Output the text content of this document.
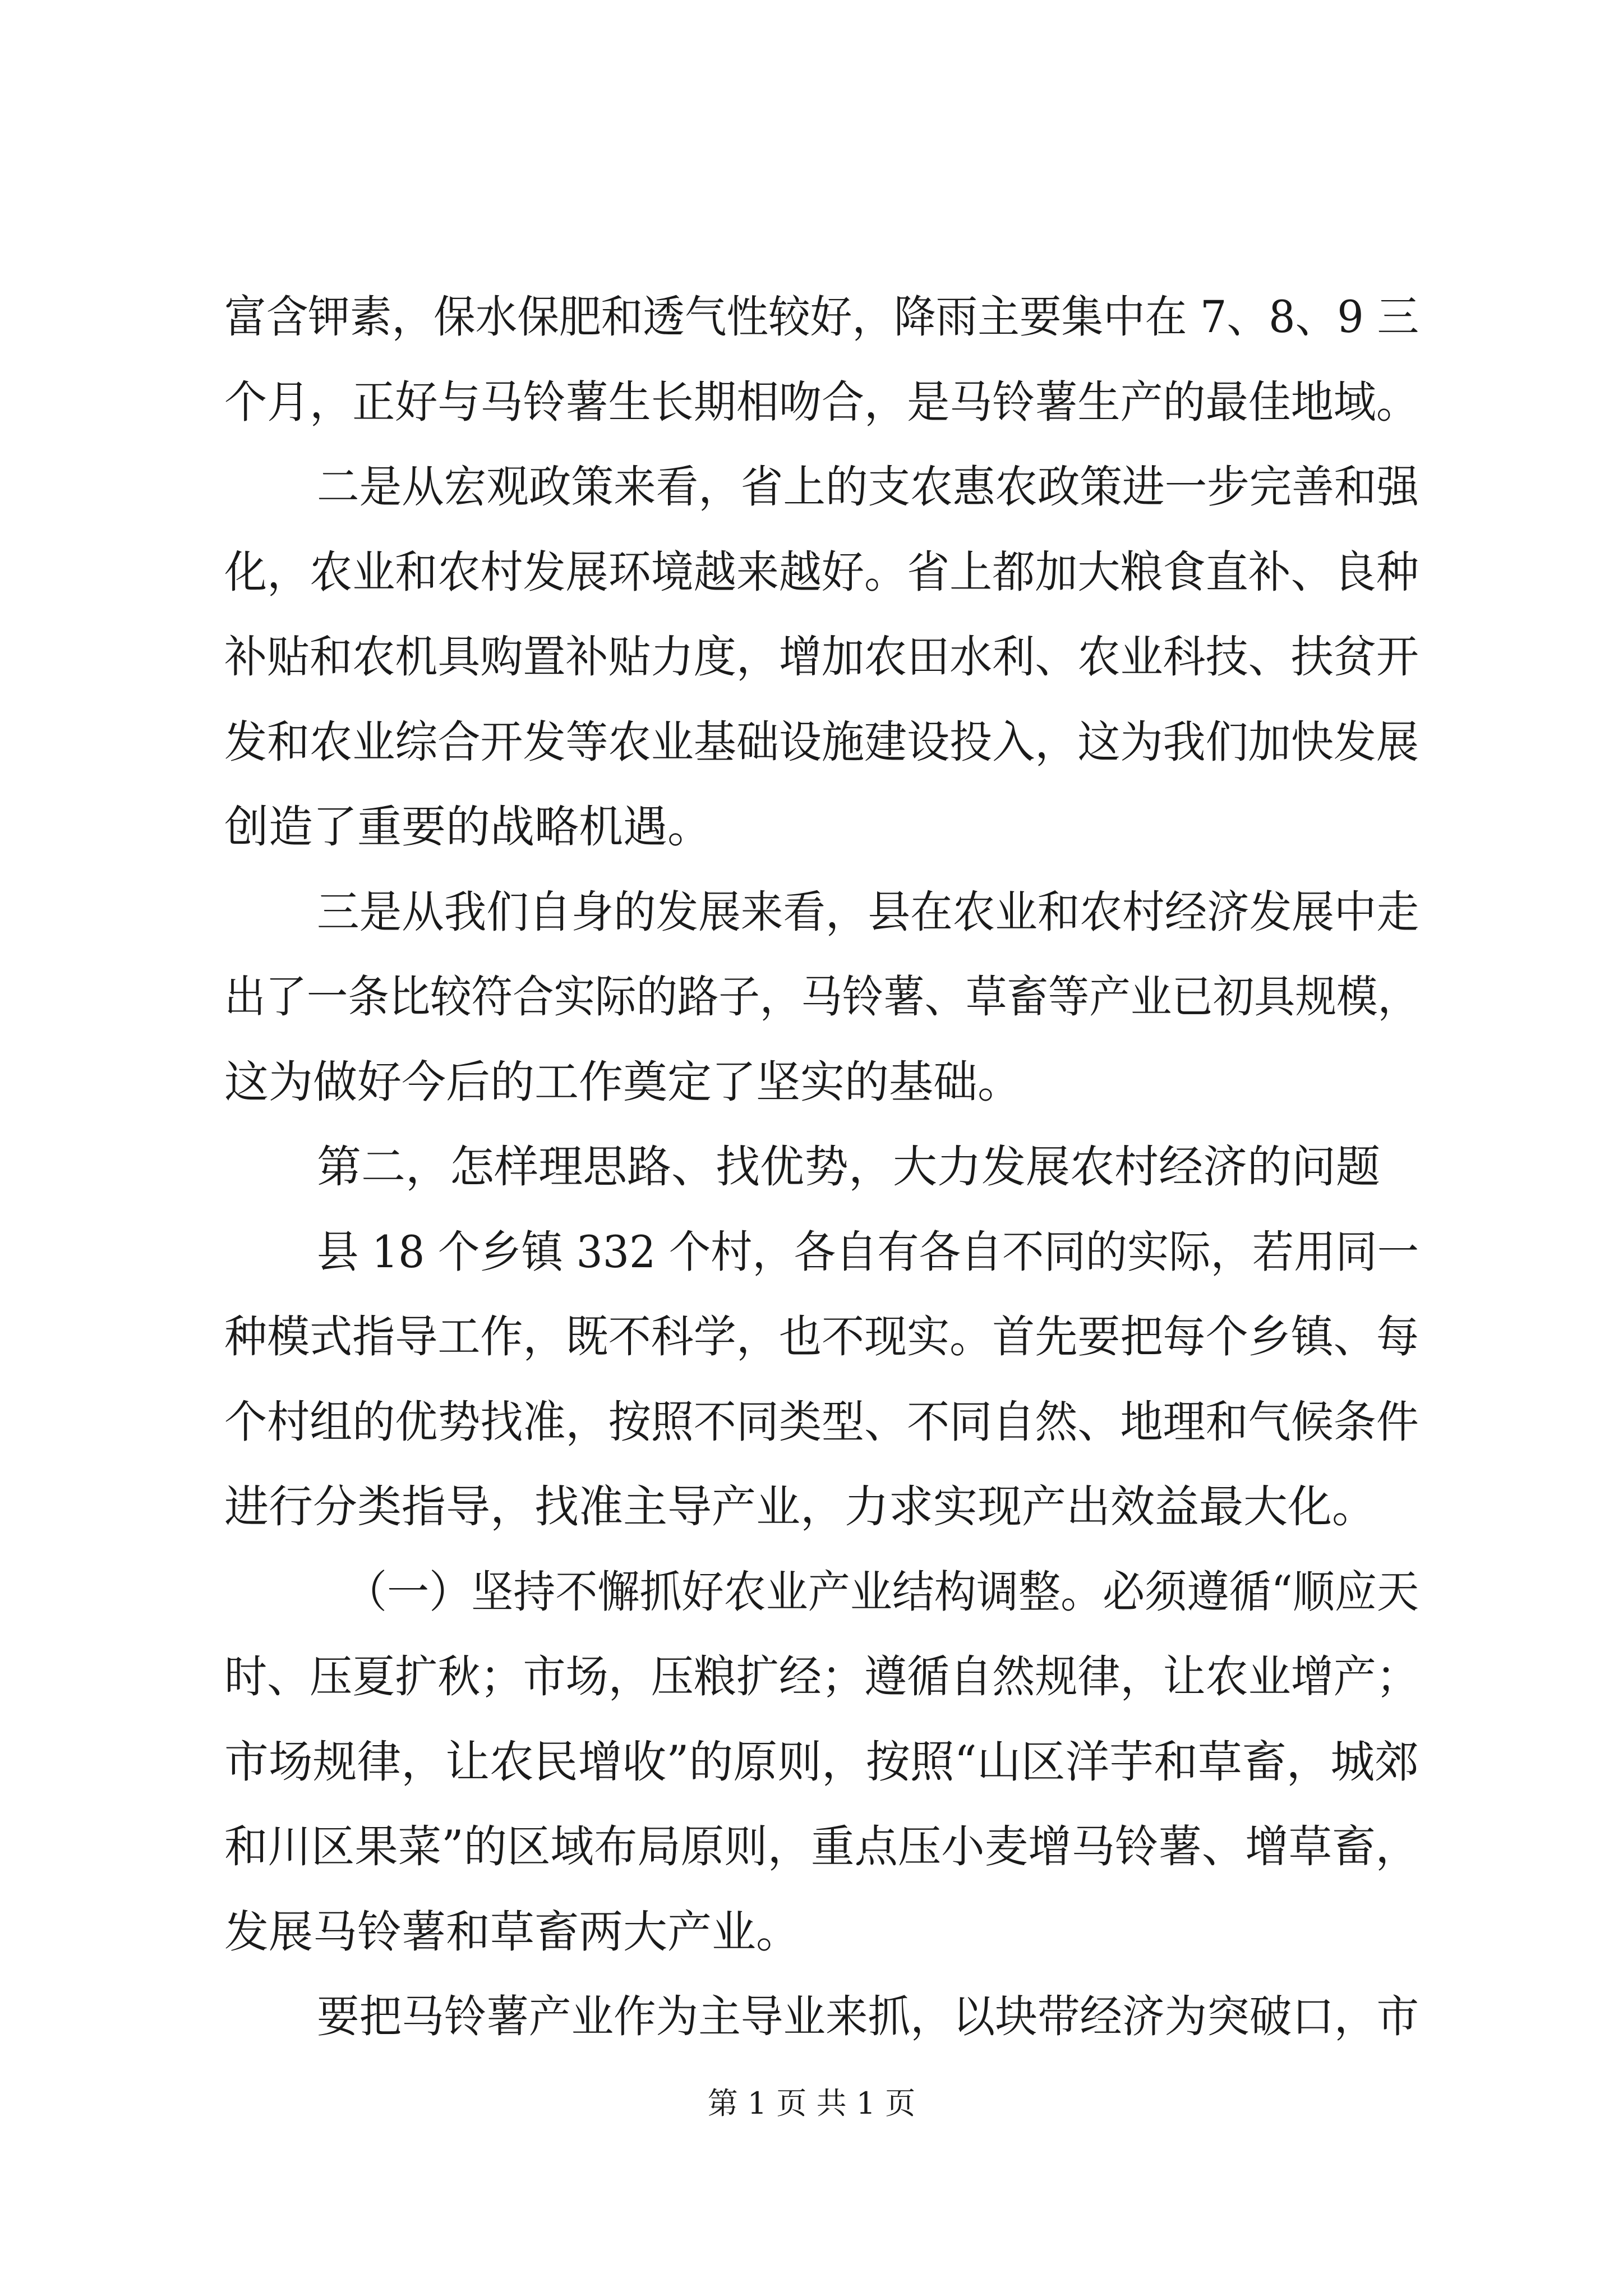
富含钾素，保水保肥和透气性较好，降雨主要集中在 7、8、9 三
个月，正好与马铃薯生长期相吻合，是马铃薯生产的最佳地域。
二是从宏观政策来看，省上的支农惠农政策进一步完善和强
化，农业和农村发展环境越来越好。省上都加大粮食直补、良种
补贴和农机具购置补贴力度，增加农田水利、农业科技、扶贫开
发和农业综合开发等农业基础设施建设投入，这为我们加快发展
创造了重要的战略机遇。
三是从我们自身的发展来看，县在农业和农村经济发展中走
出了一条比较符合实际的路子，马铃薯、草畜等产业已初具规模，
这为做好今后的工作奠定了坚实的基础。
第二，怎样理思路、找优势，大力发展农村经济的问题
县 18 个乡镇 332 个村，各自有各自不同的实际，若用同一
种模式指导工作，既不科学，也不现实。首先要把每个乡镇、每
个村组的优势找准，按照不同类型、不同自然、地理和气候条件
进行分类指导，找准主导产业，力求实现产出效益最大化。
（一）坚持不懈抓好农业产业结构调整。必须遵循“顺应天
时、压夏扩秋；市场，压粮扩经；遵循自然规律，让农业增产；
市场规律，让农民增收”的原则，按照“山区洋芋和草畜，城郊
和川区果菜”的区域布局原则，重点压小麦增马铃薯、增草畜，
发展马铃薯和草畜两大产业。
要把马铃薯产业作为主导业来抓，以块带经济为突破口，市
第 1 页 共 1 页
